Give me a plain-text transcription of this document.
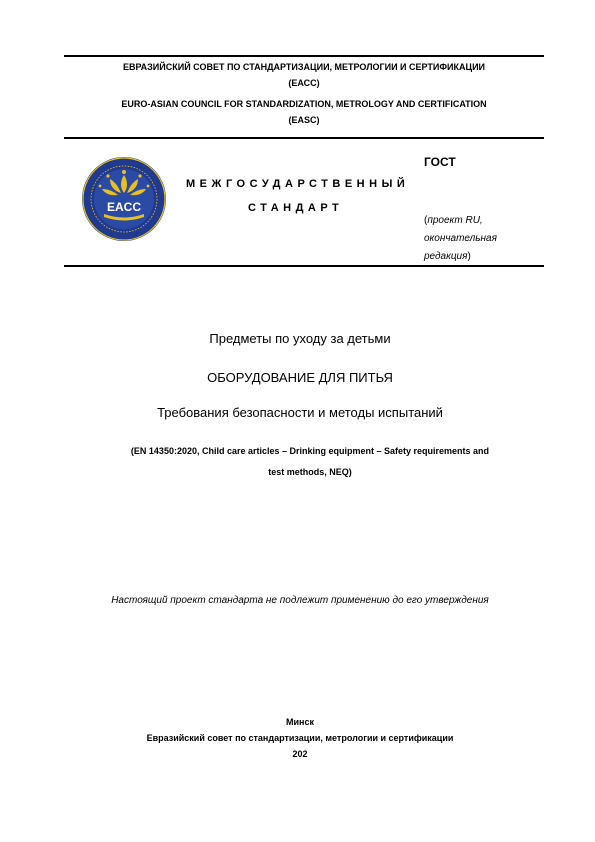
ЕВРАЗИЙСКИЙ СОВЕТ ПО СТАНДАРТИЗАЦИИ, МЕТРОЛОГИИ И СЕРТИФИКАЦИИ
(ЕАСС)
EURO-ASIAN COUNCIL FOR STANDARDIZATION, METROLOGY AND CERTIFICATION
(EASC)
EACC
МЕЖГОСУДАРСТВЕННЫЙ
СТАНДАРТ
ГОСТ
(проект RU,
окончательная
редакция)
Предметы по уходу за детьми
ОБОРУДОВАНИЕ ДЛЯ ПИТЬЯ
Требования безопасности и методы испытаний
(EN 14350:2020, Child care articles – Drinking equipment – Safety requirements and
test methods, NEQ)
Настоящий проект стандарта не подлежит применению до его утверждения
Минск
Евразийский совет по стандартизации, метрологии и сертификации
202
